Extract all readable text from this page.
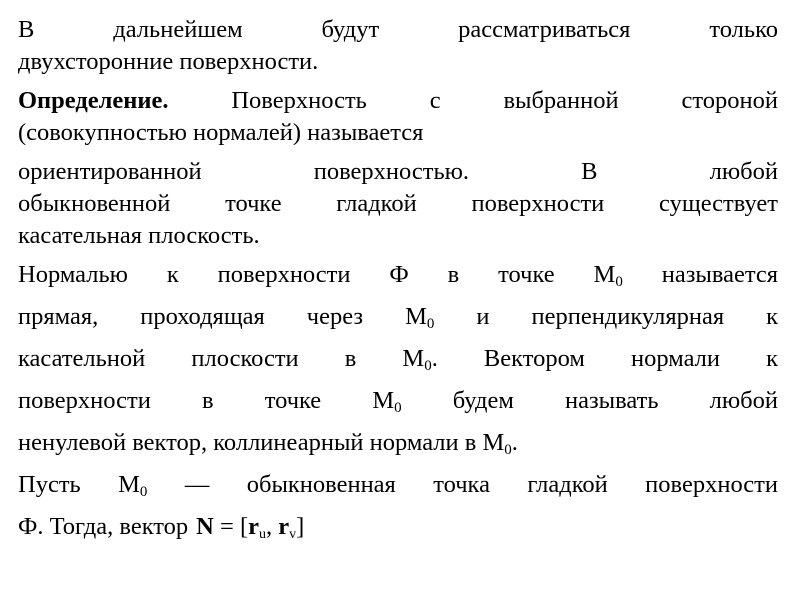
В дальнейшем будут рассматриваться только
двухсторонние поверхности.
Определение. Поверхность с выбранной стороной
(совокупностью нормалей) называется
ориентированной поверхностью. В любой
обыкновенной точке гладкой поверхности существует
касательная плоскость.
Нормалью к поверхности Ф в точке $М_0$ называется
прямая, проходящая через $М_0$ и перпендикулярная к
касательной плоскости в $М_0$. Вектором нормали к
поверхности в точке $М_0$ будем называть любой
ненулевой вектор, коллинеарный нормали в $М_0$.
Пусть $М_0$ — обыкновенная точка гладкой поверхности
Ф. Тогда, вектор $N = [r_u$, $r_v$]
